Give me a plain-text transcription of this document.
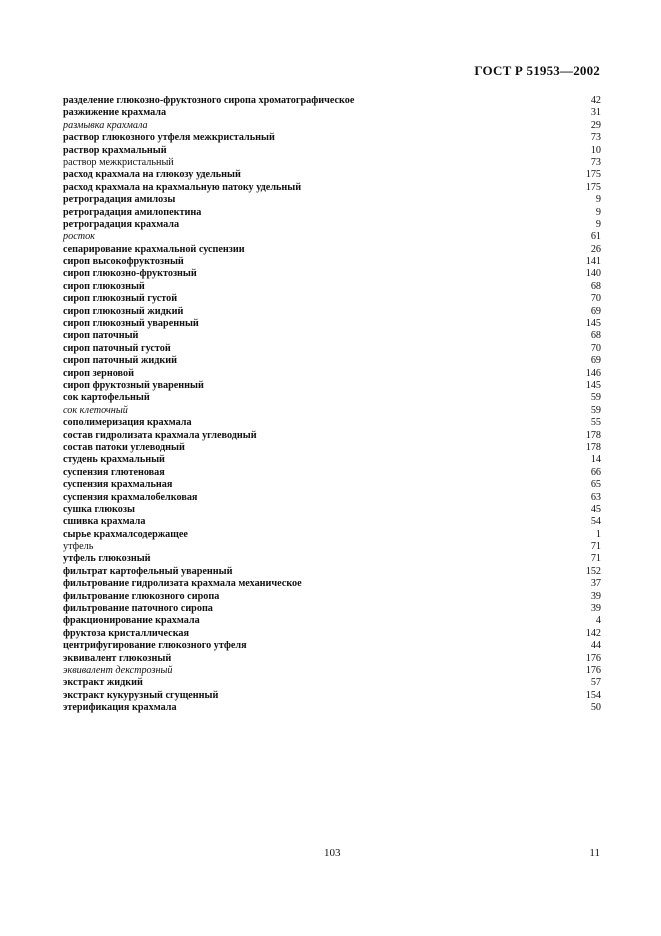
ГОСТ Р 51953—2002
разделение глюкозно-фруктозного сиропа хроматографическое	42
разжижение крахмала	31
размывка крахмала	29
раствор глюкозного утфеля межкристальный	73
раствор крахмальный	10
раствор межкристальный	73
расход крахмала на глюкозу удельный	175
расход крахмала на крахмальную патоку удельный	175
ретроградация амилозы	9
ретроградация амилопектина	9
ретроградация крахмала	9
росток	61
сепарирование крахмальной суспензии	26
сироп высокофруктозный	141
сироп глюкозно-фруктозный	140
сироп глюкозный	68
сироп глюкозный густой	70
сироп глюкозный жидкий	69
сироп глюкозный уваренный	145
сироп паточный	68
сироп паточный густой	70
сироп паточный жидкий	69
сироп зерновой	146
сироп фруктозный уваренный	145
сок картофельный	59
сок клеточный	59
сополимеризация крахмала	55
состав гидролизата крахмала углеводный	178
состав патоки углеводный	178
студень крахмальный	14
суспензия глютеновая	66
суспензия крахмальная	65
суспензия крахмалобелковая	63
сушка глюкозы	45
сшивка крахмала	54
сырье крахмалсодержащее	1
утфель	71
утфель глюкозный	71
фильтрат картофельный уваренный	152
фильтрование гидролизата крахмала механическое	37
фильтрование глюкозного сиропа	39
фильтрование паточного сиропа	39
фракционирование крахмала	4
фруктоза кристаллическая	142
центрифугирование глюкозного утфеля	44
эквивалент глюкозный	176
эквивалент декстрозный	176
экстракт жидкий	57
экстракт кукурузный сгущенный	154
этерификация крахмала	50
103	11
